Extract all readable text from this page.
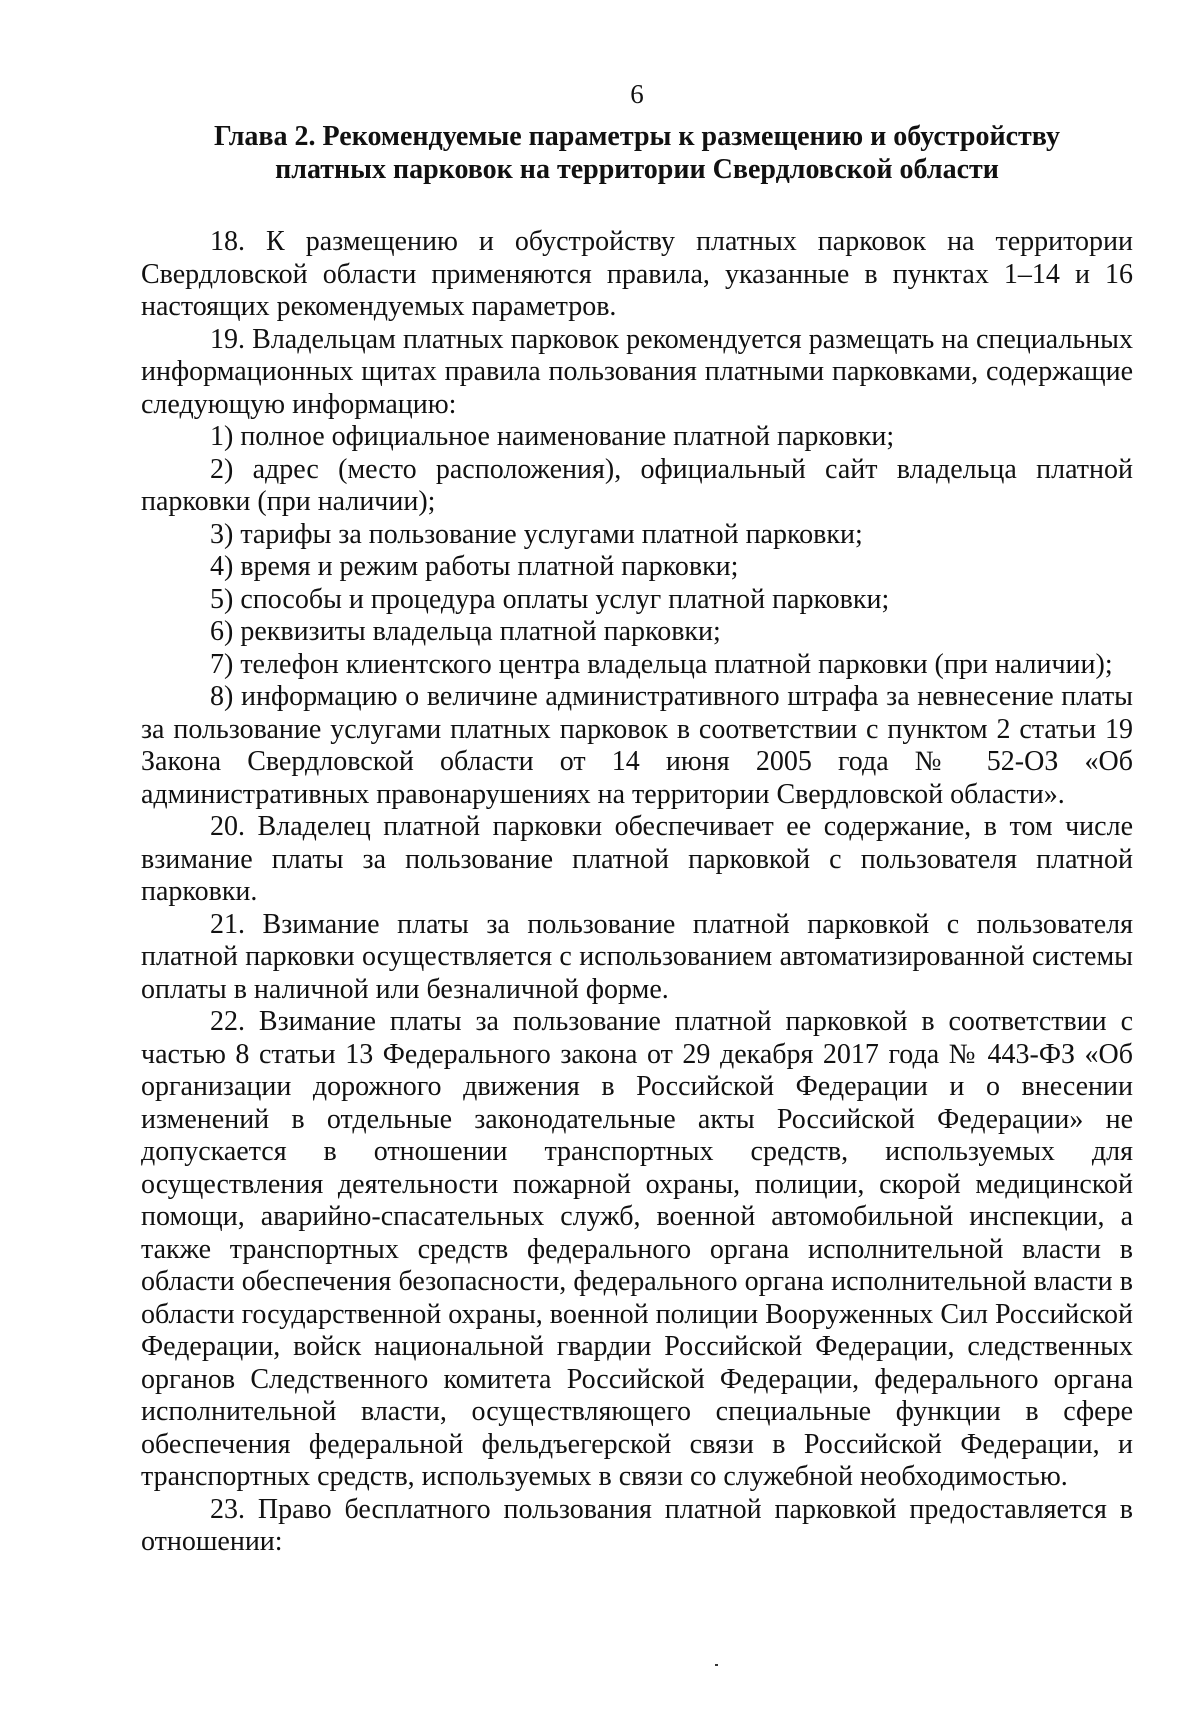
6
Глава 2. Рекомендуемые параметры к размещению и обустройству
платных парковок на территории Свердловской области

18. К размещению и обустройству платных парковок на территории Свердловской области применяются правила, указанные в пунктах 1–14 и 16 настоящих рекомендуемых параметров.

19. Владельцам платных парковок рекомендуется размещать на специальных информационных щитах правила пользования платными парковками, содержащие следующую информацию:

1) полное официальное наименование платной парковки;

2) адрес (место расположения), официальный сайт владельца платной парковки (при наличии);

3) тарифы за пользование услугами платной парковки;

4) время и режим работы платной парковки;

5) способы и процедура оплаты услуг платной парковки;

6) реквизиты владельца платной парковки;

7) телефон клиентского центра владельца платной парковки (при наличии);

8) информацию о величине административного штрафа за невнесение платы за пользование услугами платных парковок в соответствии с пунктом 2 статьи 19 Закона Свердловской области от 14 июня 2005 года № 52-ОЗ «Об административных правонарушениях на территории Свердловской области».

20. Владелец платной парковки обеспечивает ее содержание, в том числе взимание платы за пользование платной парковкой с пользователя платной парковки.

21. Взимание платы за пользование платной парковкой с пользователя платной парковки осуществляется с использованием автоматизированной системы оплаты в наличной или безналичной форме.

22. Взимание платы за пользование платной парковкой в соответствии с частью 8 статьи 13 Федерального закона от 29 декабря 2017 года № 443-ФЗ «Об организации дорожного движения в Российской Федерации и о внесении изменений в отдельные законодательные акты Российской Федерации» не допускается в отношении транспортных средств, используемых для осуществления деятельности пожарной охраны, полиции, скорой медицинской помощи, аварийно-спасательных служб, военной автомобильной инспекции, а также транспортных средств федерального органа исполнительной власти в области обеспечения безопасности, федерального органа исполнительной власти в области государственной охраны, военной полиции Вооруженных Сил Российской Федерации, войск национальной гвардии Российской Федерации, следственных органов Следственного комитета Российской Федерации, федерального органа исполнительной власти, осуществляющего специальные функции в сфере обеспечения федеральной фельдъегерской связи в Российской Федерации, и транспортных средств, используемых в связи со служебной необходимостью.

23. Право бесплатного пользования платной парковкой предоставляется в отношении:
